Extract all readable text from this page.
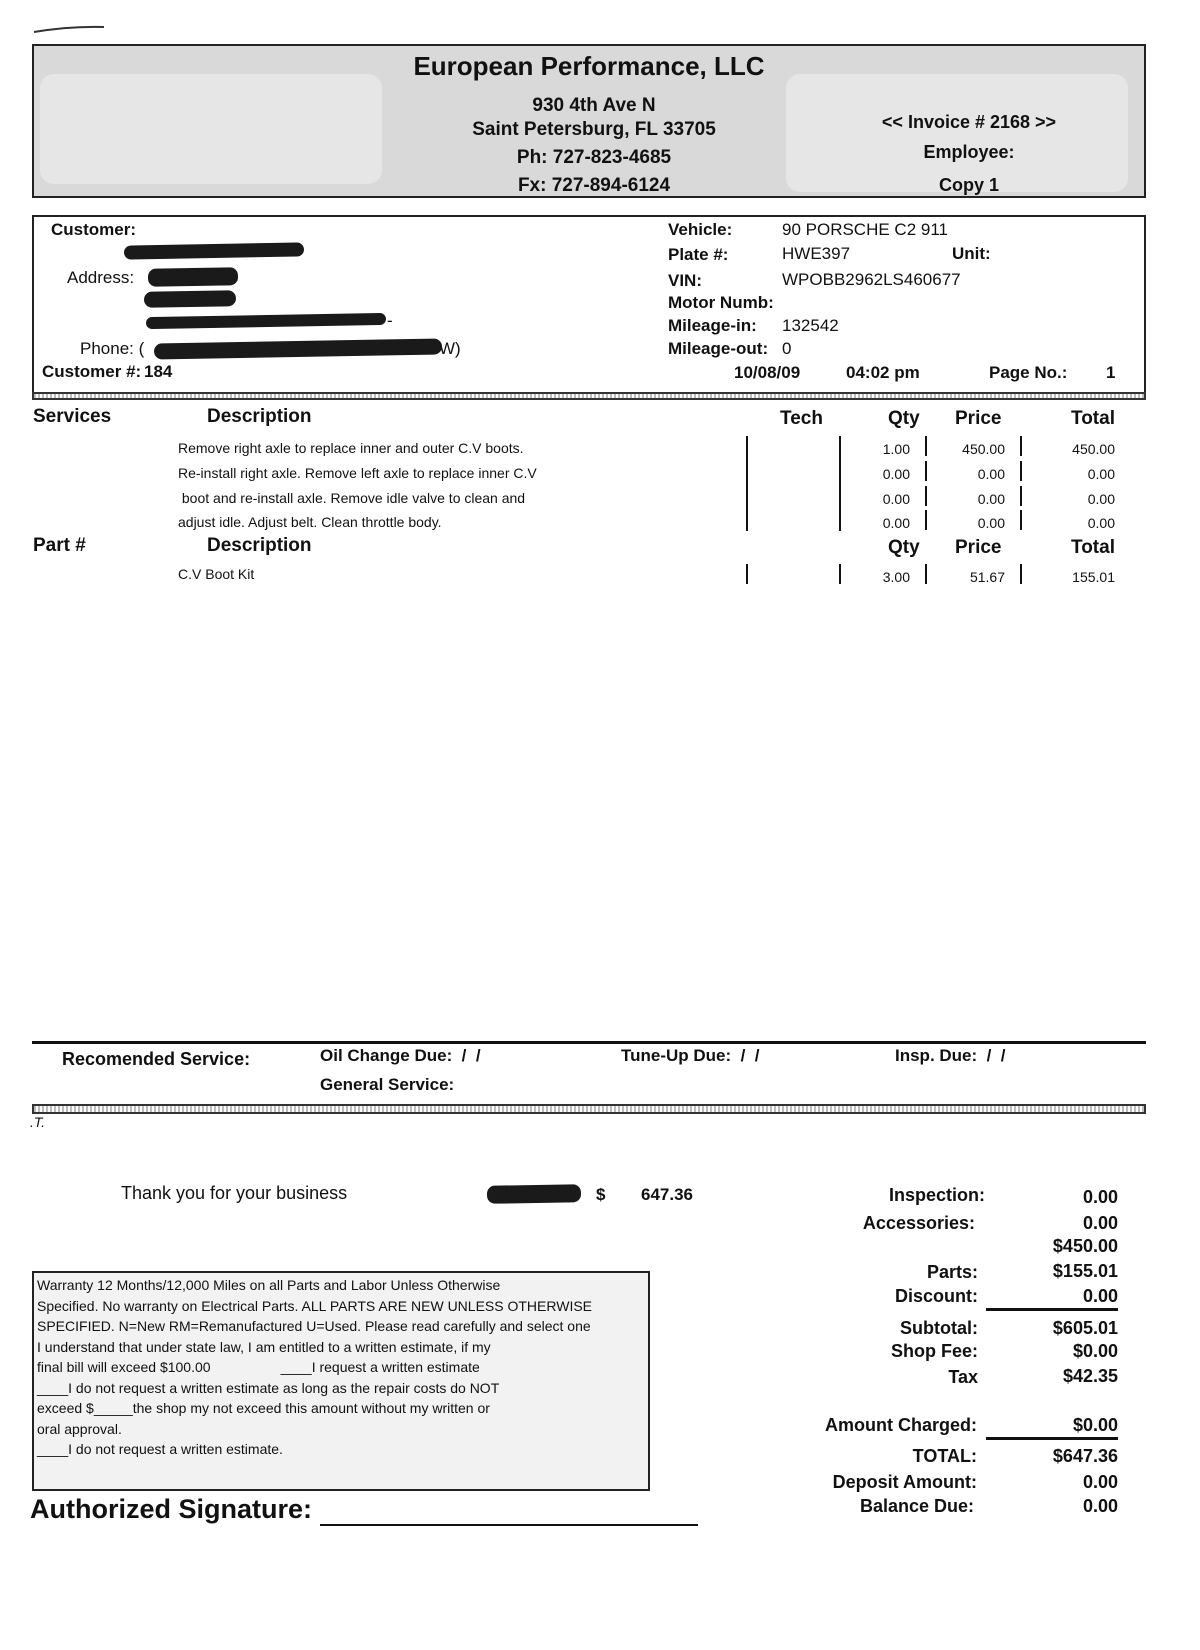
European Performance, LLC
930 4th Ave N
Saint Petersburg, FL 33705
Ph: 727-823-4685
Fx: 727-894-6124
<< Invoice # 2168 >>
Employee:
Copy 1
Customer:
Address:
-
Phone: (	W)
Customer #: 184
Vehicle:	90 PORSCHE C2 911
Plate #:	HWE397	Unit:
VIN:	WPOBB2962LS460677
Motor Numb:
Mileage-in: 132542
Mileage-out: 0
10/08/09	04:02 pm	Page No.: 1
Services	Description	Tech	Qty Price	Total
Remove right axle to replace inner and outer C.V boots.	1.00	450.00	450.00
Re-install right axle. Remove left axle to replace inner C.V	0.00	0.00	0.00
boot and re-install axle. Remove idle valve to clean and	0.00	0.00	0.00
adjust idle. Adjust belt. Clean throttle body.	0.00	0.00	0.00
Part #	Description	Qty Price	Total
C.V Boot Kit	3.00	51.67	155.01
Recomended Service:	Oil Change Due:  /  /	Tune-Up Due:  /  /	Insp. Due:  /  /
General Service:
.T.
Thank you for your business	$ 647.36
Warranty 12 Months/12,000 Miles on all Parts and Labor Unless Otherwise
Specified. No warranty on Electrical Parts. ALL PARTS ARE NEW UNLESS OTHERWISE
SPECIFIED. N=New RM=Remanufactured U=Used. Please read carefully and select one
I understand that under state law, I am entitled to a written estimate, if my
final bill will exceed $100.00                  ____I request a written estimate
____I do not request a written estimate as long as the repair costs do NOT
exceed $_____the shop my not exceed this amount without my written or
oral approval.
____I do not request a written estimate.
Authorized Signature:
Inspection:	0.00
Accessories:	0.00
$450.00
Parts:	$155.01
Discount:	0.00
Subtotal:	$605.01
Shop Fee:	$0.00
Tax	$42.35
Amount Charged:	$0.00
TOTAL:	$647.36
Deposit Amount:	0.00
Balance Due:	0.00
